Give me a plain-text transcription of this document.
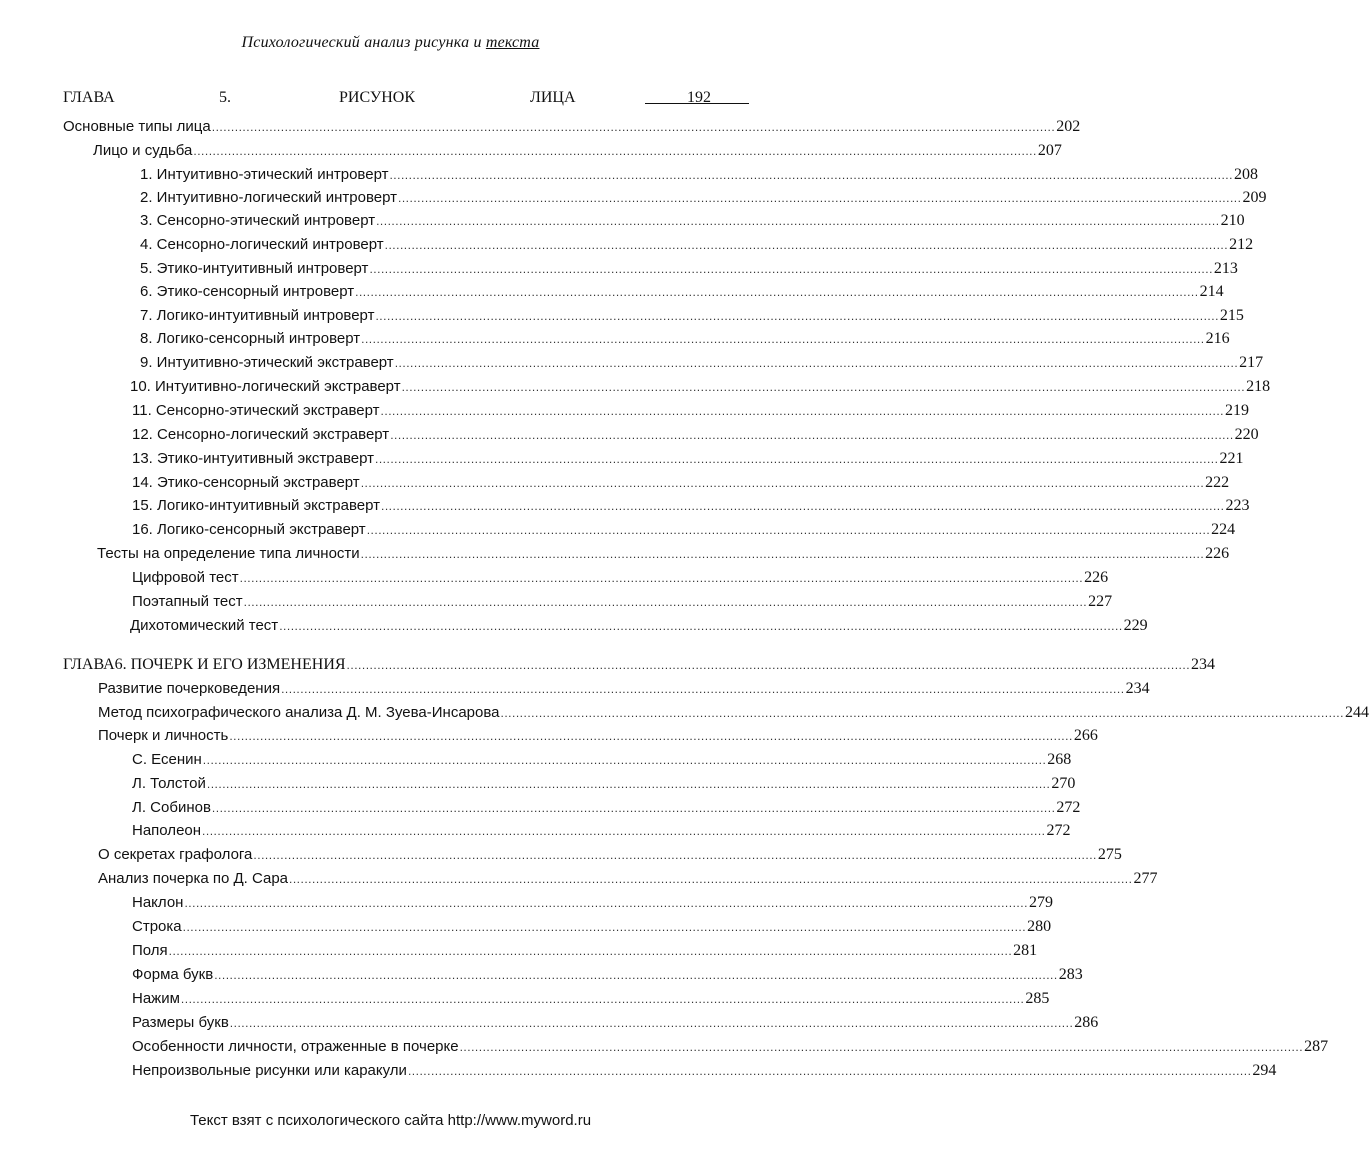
Психологический анализ рисунка и текста
ГЛАВА	5.	РИСУНОК	ЛИЦА	192
Основные типы лица ............................................................................................................................................................................................................................ 202
Лицо и судьба ............................................................................................................................................................................................................................ 207
1. Интуитивно-этический интроверт ............................................................................................................................................................................................................................ 208
2. Интуитивно-логический интроверт ............................................................................................................................................................................................................................ 209
3. Сенсорно-этический интроверт ............................................................................................................................................................................................................................ 210
4. Сенсорно-логический интроверт ............................................................................................................................................................................................................................ 212
5. Этико-интуитивный интроверт ............................................................................................................................................................................................................................ 213
6. Этико-сенсорный интроверт ............................................................................................................................................................................................................................ 214
7. Логико-интуитивный интроверт ............................................................................................................................................................................................................................ 215
8. Логико-сенсорный интроверт ............................................................................................................................................................................................................................ 216
9. Интуитивно-этический экстраверт ............................................................................................................................................................................................................................ 217
10. Интуитивно-логический экстраверт ............................................................................................................................................................................................................................ 218
11. Сенсорно-этический экстраверт ............................................................................................................................................................................................................................ 219
12. Сенсорно-логический экстраверт ............................................................................................................................................................................................................................ 220
13. Этико-интуитивный экстраверт ............................................................................................................................................................................................................................ 221
14. Этико-сенсорный экстраверт ............................................................................................................................................................................................................................ 222
15. Логико-интуитивный экстраверт ............................................................................................................................................................................................................................ 223
16. Логико-сенсорный экстраверт ............................................................................................................................................................................................................................ 224
Тесты на определение типа личности ............................................................................................................................................................................................................................ 226
Цифровой тест ............................................................................................................................................................................................................................ 226
Поэтапный тест ............................................................................................................................................................................................................................ 227
Дихотомический тест ............................................................................................................................................................................................................................ 229
ГЛАВА6. ПОЧЕРК И ЕГО ИЗМЕНЕНИЯ ............................................................................................................................................................................................................................ 234
Развитие почерковедения ............................................................................................................................................................................................................................ 234
Метод психографического анализа Д. М. Зуева-Инсарова ............................................................................................................................................................................................................................ 244
Почерк и личность ............................................................................................................................................................................................................................ 266
С. Есенин ............................................................................................................................................................................................................................ 268
Л. Толстой ............................................................................................................................................................................................................................ 270
Л. Собинов ............................................................................................................................................................................................................................ 272
Наполеон ............................................................................................................................................................................................................................ 272
О секретах графолога ............................................................................................................................................................................................................................ 275
Анализ почерка по Д. Сара ............................................................................................................................................................................................................................ 277
Наклон ............................................................................................................................................................................................................................ 279
Строка ............................................................................................................................................................................................................................ 280
Поля ............................................................................................................................................................................................................................ 281
Форма букв ............................................................................................................................................................................................................................ 283
Нажим ............................................................................................................................................................................................................................ 285
Размеры букв ............................................................................................................................................................................................................................ 286
Особенности личности, отраженные в почерке ............................................................................................................................................................................................................................ 287
Непроизвольные рисунки или каракули ............................................................................................................................................................................................................................ 294
Текст взят с психологического сайта http://www.myword.ru
